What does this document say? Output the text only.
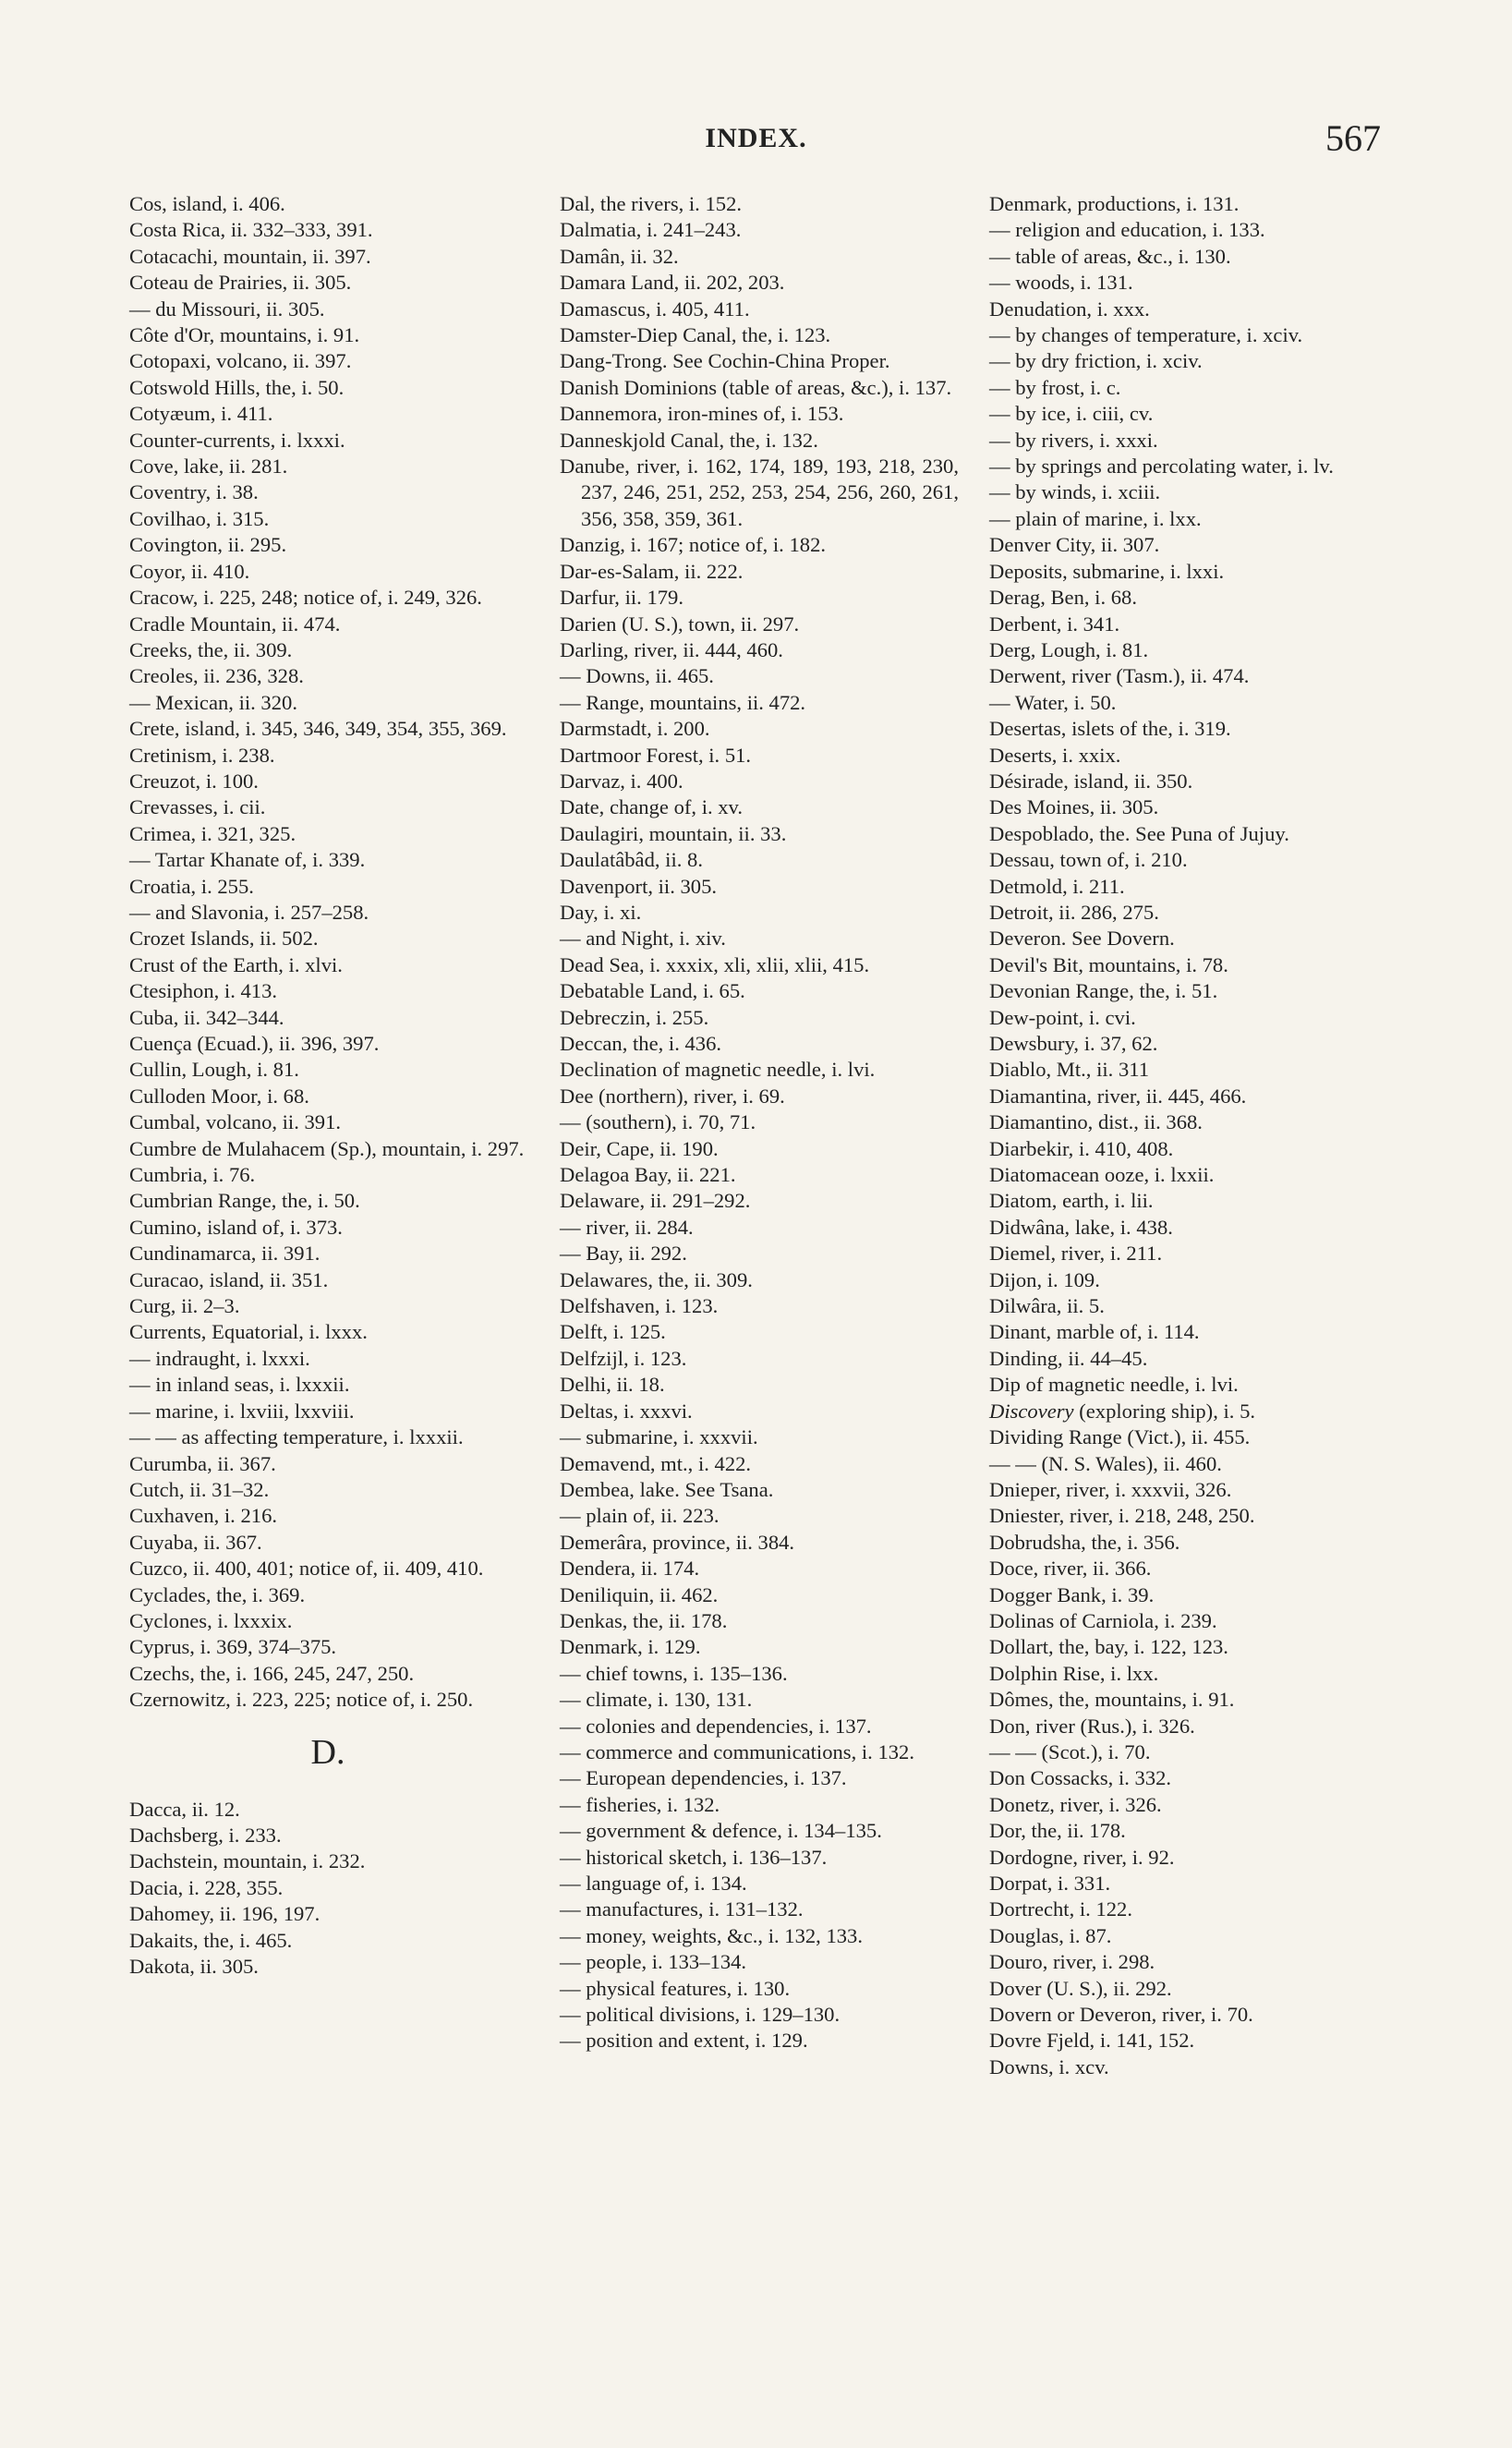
INDEX.	567
Cos, island, i. 406.
Costa Rica, ii. 332–333, 391.
Cotacachi, mountain, ii. 397.
Coteau de Prairies, ii. 305.
— du Missouri, ii. 305.
Côte d'Or, mountains, i. 91.
Cotopaxi, volcano, ii. 397.
Cotswold Hills, the, i. 50.
Cotyæum, i. 411.
Counter-currents, i. lxxxi.
Cove, lake, ii. 281.
Coventry, i. 38.
Covilhao, i. 315.
Covington, ii. 295.
Coyor, ii. 410.
Cracow, i. 225, 248; notice of, i. 249, 326.
Cradle Mountain, ii. 474.
Creeks, the, ii. 309.
Creoles, ii. 236, 328.
— Mexican, ii. 320.
Crete, island, i. 345, 346, 349, 354, 355, 369.
Cretinism, i. 238.
Creuzot, i. 100.
Crevasses, i. cii.
Crimea, i. 321, 325.
— Tartar Khanate of, i. 339.
Croatia, i. 255.
— and Slavonia, i. 257–258.
Crozet Islands, ii. 502.
Crust of the Earth, i. xlvi.
Ctesiphon, i. 413.
Cuba, ii. 342–344.
Cuença (Ecuad.), ii. 396, 397.
Cullin, Lough, i. 81.
Culloden Moor, i. 68.
Cumbal, volcano, ii. 391.
Cumbre de Mulahacem (Sp.), mountain, i. 297.
Cumbria, i. 76.
Cumbrian Range, the, i. 50.
Cumino, island of, i. 373.
Cundinamarca, ii. 391.
Curacao, island, ii. 351.
Curg, ii. 2–3.
Currents, Equatorial, i. lxxx.
— indraught, i. lxxxi.
— in inland seas, i. lxxxii.
— marine, i. lxviii, lxxviii.
— — as affecting temperature, i. lxxxii.
Curumba, ii. 367.
Cutch, ii. 31–32.
Cuxhaven, i. 216.
Cuyaba, ii. 367.
Cuzco, ii. 400, 401; notice of, ii. 409, 410.
Cyclades, the, i. 369.
Cyclones, i. lxxxix.
Cyprus, i. 369, 374–375.
Czechs, the, i. 166, 245, 247, 250.
Czernowitz, i. 223, 225; notice of, i. 250.
D.
Dacca, ii. 12.
Dachsberg, i. 233.
Dachstein, mountain, i. 232.
Dacia, i. 228, 355.
Dahomey, ii. 196, 197.
Dakaits, the, i. 465.
Dakota, ii. 305.
Dal, the rivers, i. 152.
Dalmatia, i. 241–243.
Damân, ii. 32.
Damara Land, ii. 202, 203.
Damascus, i. 405, 411.
Damster-Diep Canal, the, i. 123.
Dang-Trong. See Cochin-China Proper.
Danish Dominions (table of areas, &c.), i. 137.
Dannemora, iron-mines of, i. 153.
Danneskjold Canal, the, i. 132.
Danube, river, i. 162, 174, 189, 193, 218, 230, 237, 246, 251, 252, 253, 254, 256, 260, 261, 356, 358, 359, 361.
Danzig, i. 167; notice of, i. 182.
Dar-es-Salam, ii. 222.
Darfur, ii. 179.
Darien (U. S.), town, ii. 297.
Darling, river, ii. 444, 460.
— Downs, ii. 465.
— Range, mountains, ii. 472.
Darmstadt, i. 200.
Dartmoor Forest, i. 51.
Darvaz, i. 400.
Date, change of, i. xv.
Daulagiri, mountain, ii. 33.
Daulatâbâd, ii. 8.
Davenport, ii. 305.
Day, i. xi.
— and Night, i. xiv.
Dead Sea, i. xxxix, xli, xlii, xlii, 415.
Debatable Land, i. 65.
Debreczin, i. 255.
Deccan, the, i. 436.
Declination of magnetic needle, i. lvi.
Dee (northern), river, i. 69.
— (southern), i. 70, 71.
Deir, Cape, ii. 190.
Delagoa Bay, ii. 221.
Delaware, ii. 291–292.
— river, ii. 284.
— Bay, ii. 292.
Delawares, the, ii. 309.
Delfshaven, i. 123.
Delft, i. 125.
Delfzijl, i. 123.
Delhi, ii. 18.
Deltas, i. xxxvi.
— submarine, i. xxxvii.
Demavend, mt., i. 422.
Dembea, lake. See Tsana.
— plain of, ii. 223.
Demerâra, province, ii. 384.
Dendera, ii. 174.
Deniliquin, ii. 462.
Denkas, the, ii. 178.
Denmark, i. 129.
— chief towns, i. 135–136.
— climate, i. 130, 131.
— colonies and dependencies, i. 137.
— commerce and communications, i. 132.
— European dependencies, i. 137.
— fisheries, i. 132.
— government & defence, i. 134–135.
— historical sketch, i. 136–137.
— language of, i. 134.
— manufactures, i. 131–132.
— money, weights, &c., i. 132, 133.
— people, i. 133–134.
— physical features, i. 130.
— political divisions, i. 129–130.
— position and extent, i. 129.
Denmark, productions, i. 131.
— religion and education, i. 133.
— table of areas, &c., i. 130.
— woods, i. 131.
Denudation, i. xxx.
— by changes of temperature, i. xciv.
— by dry friction, i. xciv.
— by frost, i. c.
— by ice, i. ciii, cv.
— by rivers, i. xxxi.
— by springs and percolating water, i. lv.
— by winds, i. xciii.
— plain of marine, i. lxx.
Denver City, ii. 307.
Deposits, submarine, i. lxxi.
Derag, Ben, i. 68.
Derbent, i. 341.
Derg, Lough, i. 81.
Derwent, river (Tasm.), ii. 474.
— Water, i. 50.
Desertas, islets of the, i. 319.
Deserts, i. xxix.
Désirade, island, ii. 350.
Des Moines, ii. 305.
Despoblado, the. See Puna of Jujuy.
Dessau, town of, i. 210.
Detmold, i. 211.
Detroit, ii. 286, 275.
Deveron. See Dovern.
Devil's Bit, mountains, i. 78.
Devonian Range, the, i. 51.
Dew-point, i. cvi.
Dewsbury, i. 37, 62.
Diablo, Mt., ii. 311
Diamantina, river, ii. 445, 466.
Diamantino, dist., ii. 368.
Diarbekir, i. 410, 408.
Diatomacean ooze, i. lxxii.
Diatom, earth, i. lii.
Didwâna, lake, i. 438.
Diemel, river, i. 211.
Dijon, i. 109.
Dilwâra, ii. 5.
Dinant, marble of, i. 114.
Dinding, ii. 44–45.
Dip of magnetic needle, i. lvi.
Discovery (exploring ship), i. 5.
Dividing Range (Vict.), ii. 455.
— — (N. S. Wales), ii. 460.
Dnieper, river, i. xxxvii, 326.
Dniester, river, i. 218, 248, 250.
Dobrudsha, the, i. 356.
Doce, river, ii. 366.
Dogger Bank, i. 39.
Dolinas of Carniola, i. 239.
Dollart, the, bay, i. 122, 123.
Dolphin Rise, i. lxx.
Dômes, the, mountains, i. 91.
Don, river (Rus.), i. 326.
— — (Scot.), i. 70.
Don Cossacks, i. 332.
Donetz, river, i. 326.
Dor, the, ii. 178.
Dordogne, river, i. 92.
Dorpat, i. 331.
Dortrecht, i. 122.
Douglas, i. 87.
Douro, river, i. 298.
Dover (U. S.), ii. 292.
Dovern or Deveron, river, i. 70.
Dovre Fjeld, i. 141, 152.
Downs, i. xcv.
